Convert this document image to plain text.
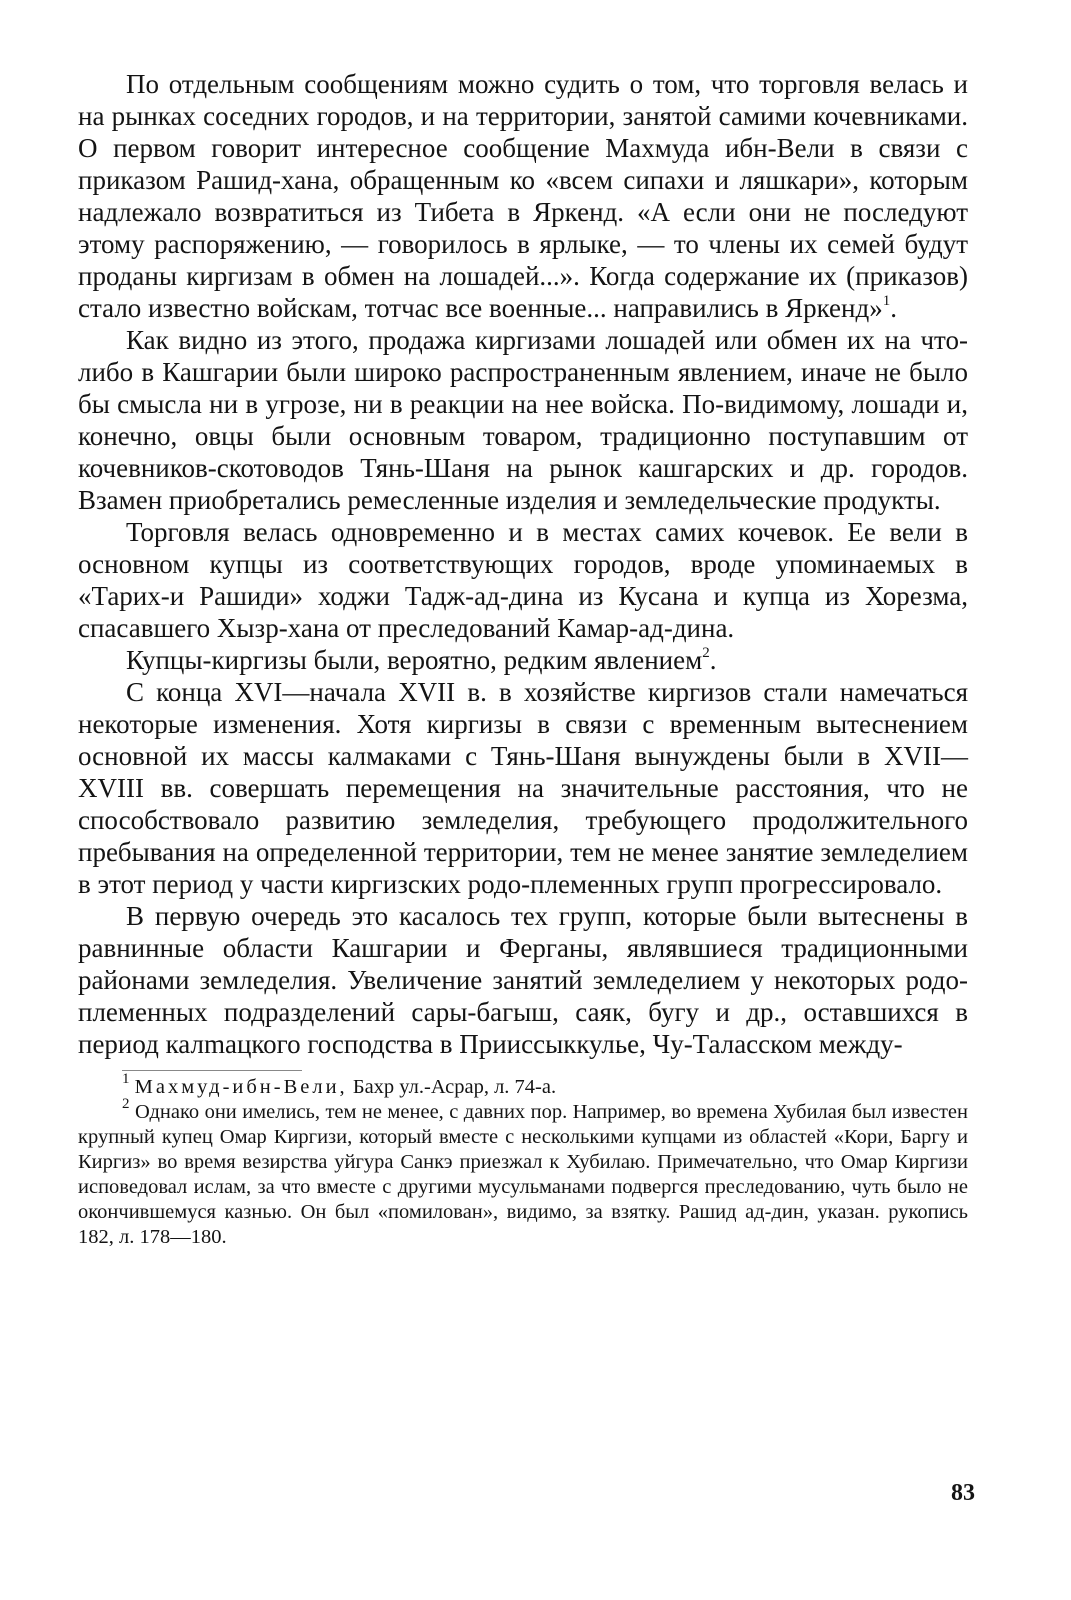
По отдельным сообщениям можно судить о том, что торговля велась и на рынках соседних городов, и на территории, занятой самими кочевниками. О первом говорит интересное сообщение Махмуда ибн-Вели в связи с приказом Рашид-хана, обращенным ко «всем сипахи и ляшкари», которым надлежало возвратиться из Тибета в Яркенд. «А если они не последуют этому распоряжению, — говорилось в ярлыке, — то члены их семей будут проданы киргизам в обмен на лошадей...». Когда содержание их (приказов) стало известно войскам, тотчас все военные... направились в Яркенд»$^1$.

Как видно из этого, продажа киргизами лошадей или обмен их на что-либо в Кашгарии были широко распространенным явлением, иначе не было бы смысла ни в угрозе, ни в реакции на нее войска. По-видимому, лошади и, конечно, овцы были основным товаром, традиционно поступавшим от кочевников-скотоводов Тянь-Шаня на рынок кашгарских и др. городов. Взамен приобретались ремесленные изделия и земледельческие продукты.

Торговля велась одновременно и в местах самих кочевок. Ее вели в основном купцы из соответствующих городов, вроде упоминаемых в «Тарих-и Рашиди» ходжи Тадж-ад-дина из Кусана и купца из Хорезма, спасавшего Хызр-хана от преследований Камар-ад-дина.

Купцы-киргизы были, вероятно, редким явлением$^2$.

С конца XVI—начала XVII в. в хозяйстве киргизов стали намечаться некоторые изменения. Хотя киргизы в связи с временным вытеснением основной их массы калмаками с Тянь-Шаня вынуждены были в XVII—XVIII вв. совершать перемещения на значительные расстояния, что не способствовало развитию земледелия, требующего продолжительного пребывания на определенной территории, тем не менее занятие земледелием в этот период у части киргизских родо-племенных групп прогрессировало.

В первую очередь это касалось тех групп, которые были вытеснены в равнинные области Кашгарии и Ферганы, являвшиеся традиционными районами земледелия. Увеличение занятий земледелием у некоторых родо-племенных подразделений сары-багыш, саяк, бугу и др., оставшихся в период калmацкого господства в Прииссыккулье, Чу-Таласском между-

$^1$ Махмуд-ибн-Вели, Бахр ул.-Асрар, л. 74-а.

$^2$ Однако они имелись, тем не менее, с давних пор. Например, во времена Хубилая был известен крупный купец Омар Киргизи, который вместе с несколькими купцами из областей «Кори, Баргу и Киргиз» во время везирства уйгура Санкэ приезжал к Хубилаю. Примечательно, что Омар Киргизи исповедовал ислам, за что вместе с другими мусульманами подвергся преследованию, чуть было не окончившемуся казнью. Он был «помилован», видимо, за взятку. Рашид ад-дин, указан. рукопись 182, л. 178—180.

83
